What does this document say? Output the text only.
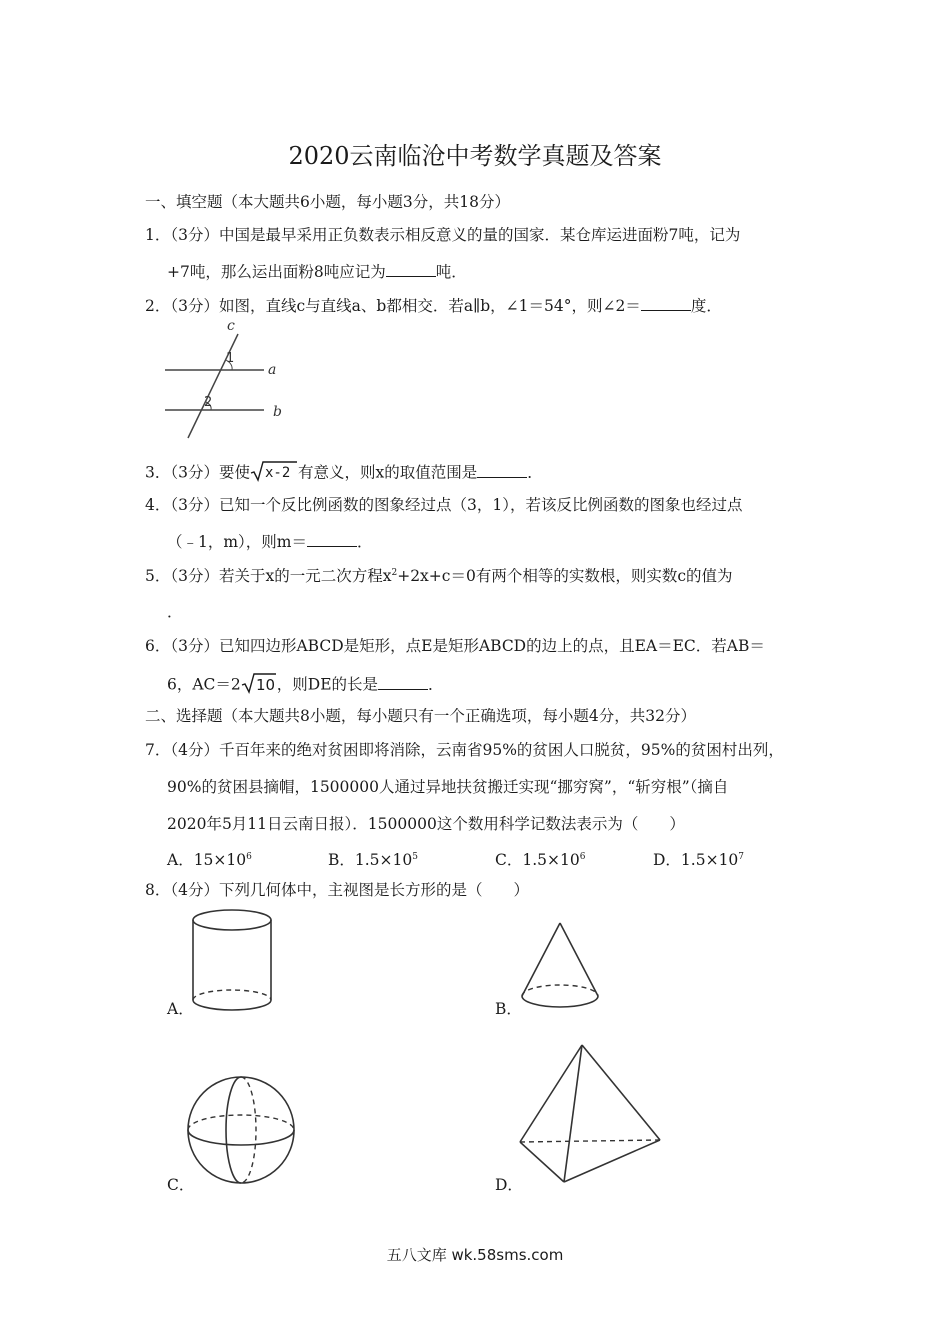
2020云南临沧中考数学真题及答案
一、填空题（本大题共6小题，每小题3分，共18分）
1．（3分）中国是最早采用正负数表示相反意义的量的国家．某仓库运进面粉7吨，记为
+7吨，那么运出面粉8吨应记为	吨．
2．（3分）如图，直线c与直线a、b都相交．若a∥b，∠1＝54°，则∠2＝	度．
c
a
b
1
2
3．（3分）要使 x-2 有意义，则x的取值范围是	．
4．（3分）已知一个反比例函数的图象经过点（3，1），若该反比例函数的图象也经过点
（﹣1，m），则m＝	．
5．（3分）若关于x的一元二次方程$x^2+2x+c=0$有两个相等的实数根，则实数c的值为
．
6．（3分）已知四边形ABCD是矩形，点E是矩形ABCD的边上的点，且EA＝EC．若AB＝
6，AC＝2 10 ，则DE的长是	．
二、选择题（本大题共8小题，每小题只有一个正确选项，每小题4分，共32分）
7．（4分）千百年来的绝对贫困即将消除，云南省95%的贫困人口脱贫，95%的贫困村出列，
90%的贫困县摘帽，1500000人通过异地扶贫搬迁实现“挪穷窝”，“斩穷根”（摘自
2020年5月11日云南日报）．1500000这个数用科学记数法表示为（　　）
A．$15\times 10^6$	B．$1.5\times 10^5$	C．$1.5\times 10^6$	D．$1.5\times 10^7$
8．（4分）下列几何体中，主视图是长方形的是（　　）
A．	B．
C．	D．
五八文库 wk.58sms.com
